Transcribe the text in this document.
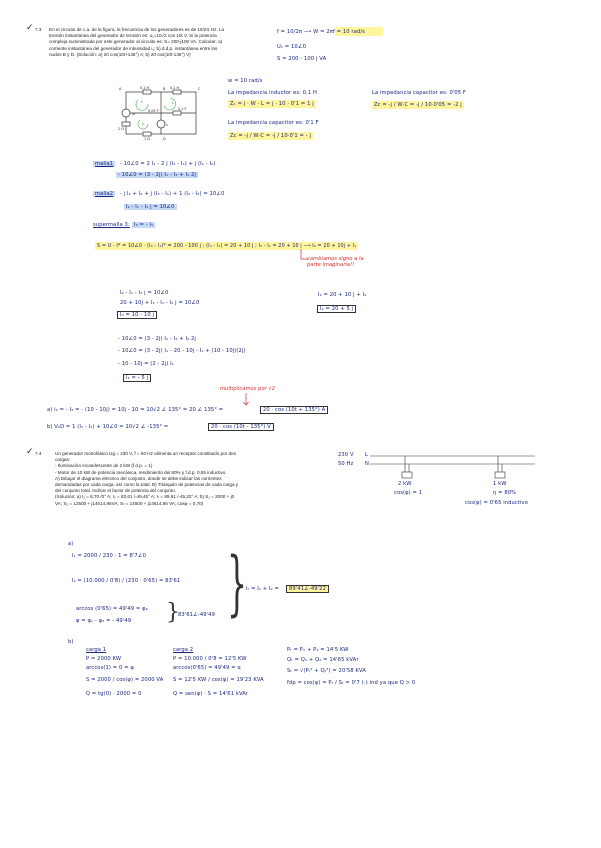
✓ 7.3 En el circuito de c.a. de la figura, la frecuencia de los generadores es de 10/2π Hz. La
tensión instantánea del generador de tensión es: u₁=10√2 cos 10t V. Si la potencia
compleja suministrada por este generador al circuito es: S= 200-j100 VA. Calcular: a)
corriente instantánea del generador de intensidad i₁; b) d.d.p. instantánea entre los
nudos B y D. (Solución: a) 20 cos(10t+135°) A; b) 20 cos(10t-135°) V)
f = 10/2π ⟶ W = 2πf = 10 rad/s
U₁ = 10∠0
S = 200 - 100 j VA
A	C
B
D
0,1 H	0,1 H
0,05 F	0,1 F
2 Ω
1 Ω
u₁
i₁
I₁	I₂
I₃
w = 10 rad/s
La impedancia inductor es: 0,1 H
Z₁ = j · W · L = j · 10 · 0'1 = 1 j
La impedancia capacitor es: 0'05 F
Zc = -j / W·C = -j / 10·0'05 = -2 j
La impedancia capacitor es: 0'1 F
Zc = -j / W·C = -j / 10·0'1 = - j
malla1	- 10∠0 = 2 I₁ - 2 j (I₁ - I₃) + j (I₁ - I₂)
- 10∠0 = (3 - 2j) I₁ - I₂ + I₃ 2j
malla2	- j I₂ + I₂ + j (I₂ - I₁) + 1 (I₂ - I₃) = 10∠0
I₂ - I₁ - I₃ j = 10∠0
supermalla 3: I₃ = - i₁
S = U · I* = 10∠0 · (I₃ - I₁)* = 200 - 100 j ; (I₃ - I₁) = 20 + 10 j ; I₃ - I₁ = 20 + 10 j ⟶ I₃ = 20 + 10j + I₁
cambiamos signo a la parte imaginaria!!
I₂ - I₁ - I₃ j = 10∠0
20 + 10j + I₁ - I₁ - I₃ j = 10∠0
I₃ = 10 - 10 j
I₂ = 20 + 10 j + I₁
I₂ = 20 + 5 j
- 10∠0 = (3 - 2j) I₁ - I₂ + I₃ 2j
- 10∠0 = (3 - 2j) I₁ - 20 - 10j - I₁ + (10 - 10j)(2j)
- 10 - 10j = (2 - 2j) I₁
I₁ = - 5 j
multiplicamos por √2
a) i₁ = - I₃ = - (10 - 10j) = 10j - 10 = 10√2 ∠ 135° = 20 ∠ 135° =	20 · cos (10t + 135°) A
b) V₀D = 1 (I₁ - I₂) + 10∠0 = 10√2 ∠ -135° =	20 · cos (10t - 135°) V
✓ 7.4	Un generador monofásico Ug = 230 V, f = 50 Hz alimenta un receptor constituido por dos
cargas:
- Iluminación incandescente de 2 kW (f.d.p. = 1)
- Motor de 10 kW de potencia mecánica, rendimiento del 80% y f.d.p. 0,65 inductivo.
A) Dibujar el diagrama eléctrico del conjunto, donde se debe indicar las corrientes
demandadas por cada carga, así como la total. B) Triángulo de potencias de cada carga y
del conjunto total. Indicar el factor de potencia del conjunto.
(Solución: a) I₁ = 8,70 /0° A; I₂ = 83,61 /-49,46° A; Iₜ = 89,51 /-45,22° A; b) S₁ = 2000 + j0
VA; S₂ = 12500 + j14614,95VA; Sₜ = 14500 + j14614,95 VA; cosφ = 0,70)
230 V
50 Hz
L
N
2 kW
cos(φ) = 1
1 kW
η = 80%
cos(φ) = 0'65 inductivo
a)
I₁ = 2000 / 230 · 1 = 8'7∠0
I₂ = (10.000 / 0'8) / (230 · 0'65) = 83'61
arccos (0'65) = 49'49 = φ₂
φ = φᵤ - φ₂ = - 49'49 }
83'61∠-49'49 }
Iₜ = I₁ + I₂ =	89'41∠-49'22
b)
carga 1
P = 2000 KW
arccos(1) = 0 = φ
S = 2000 / cos(φ) = 2000 VA
Q = tg(0) · 2000 = 0
carga 2
P = 10.000 / 0'8 = 12'5 KW
arccos(0'65) = 49'49 = α
S = 12'5 KW / cos(φ) = 19'23 KVA
Q = sen(φ) · S = 14'61 kVAr
Pₜ = P₁ + P₂ = 14'5 KW
Qₜ = Q₁ + Q₂ = 14'65 kVAr
Sₜ = √(Pₜ² + Qₜ²) = 20'58 KVA
fdp = cos(φ) = Pₜ / Sₜ = 0'7 (-) ind ya que Q > 0
